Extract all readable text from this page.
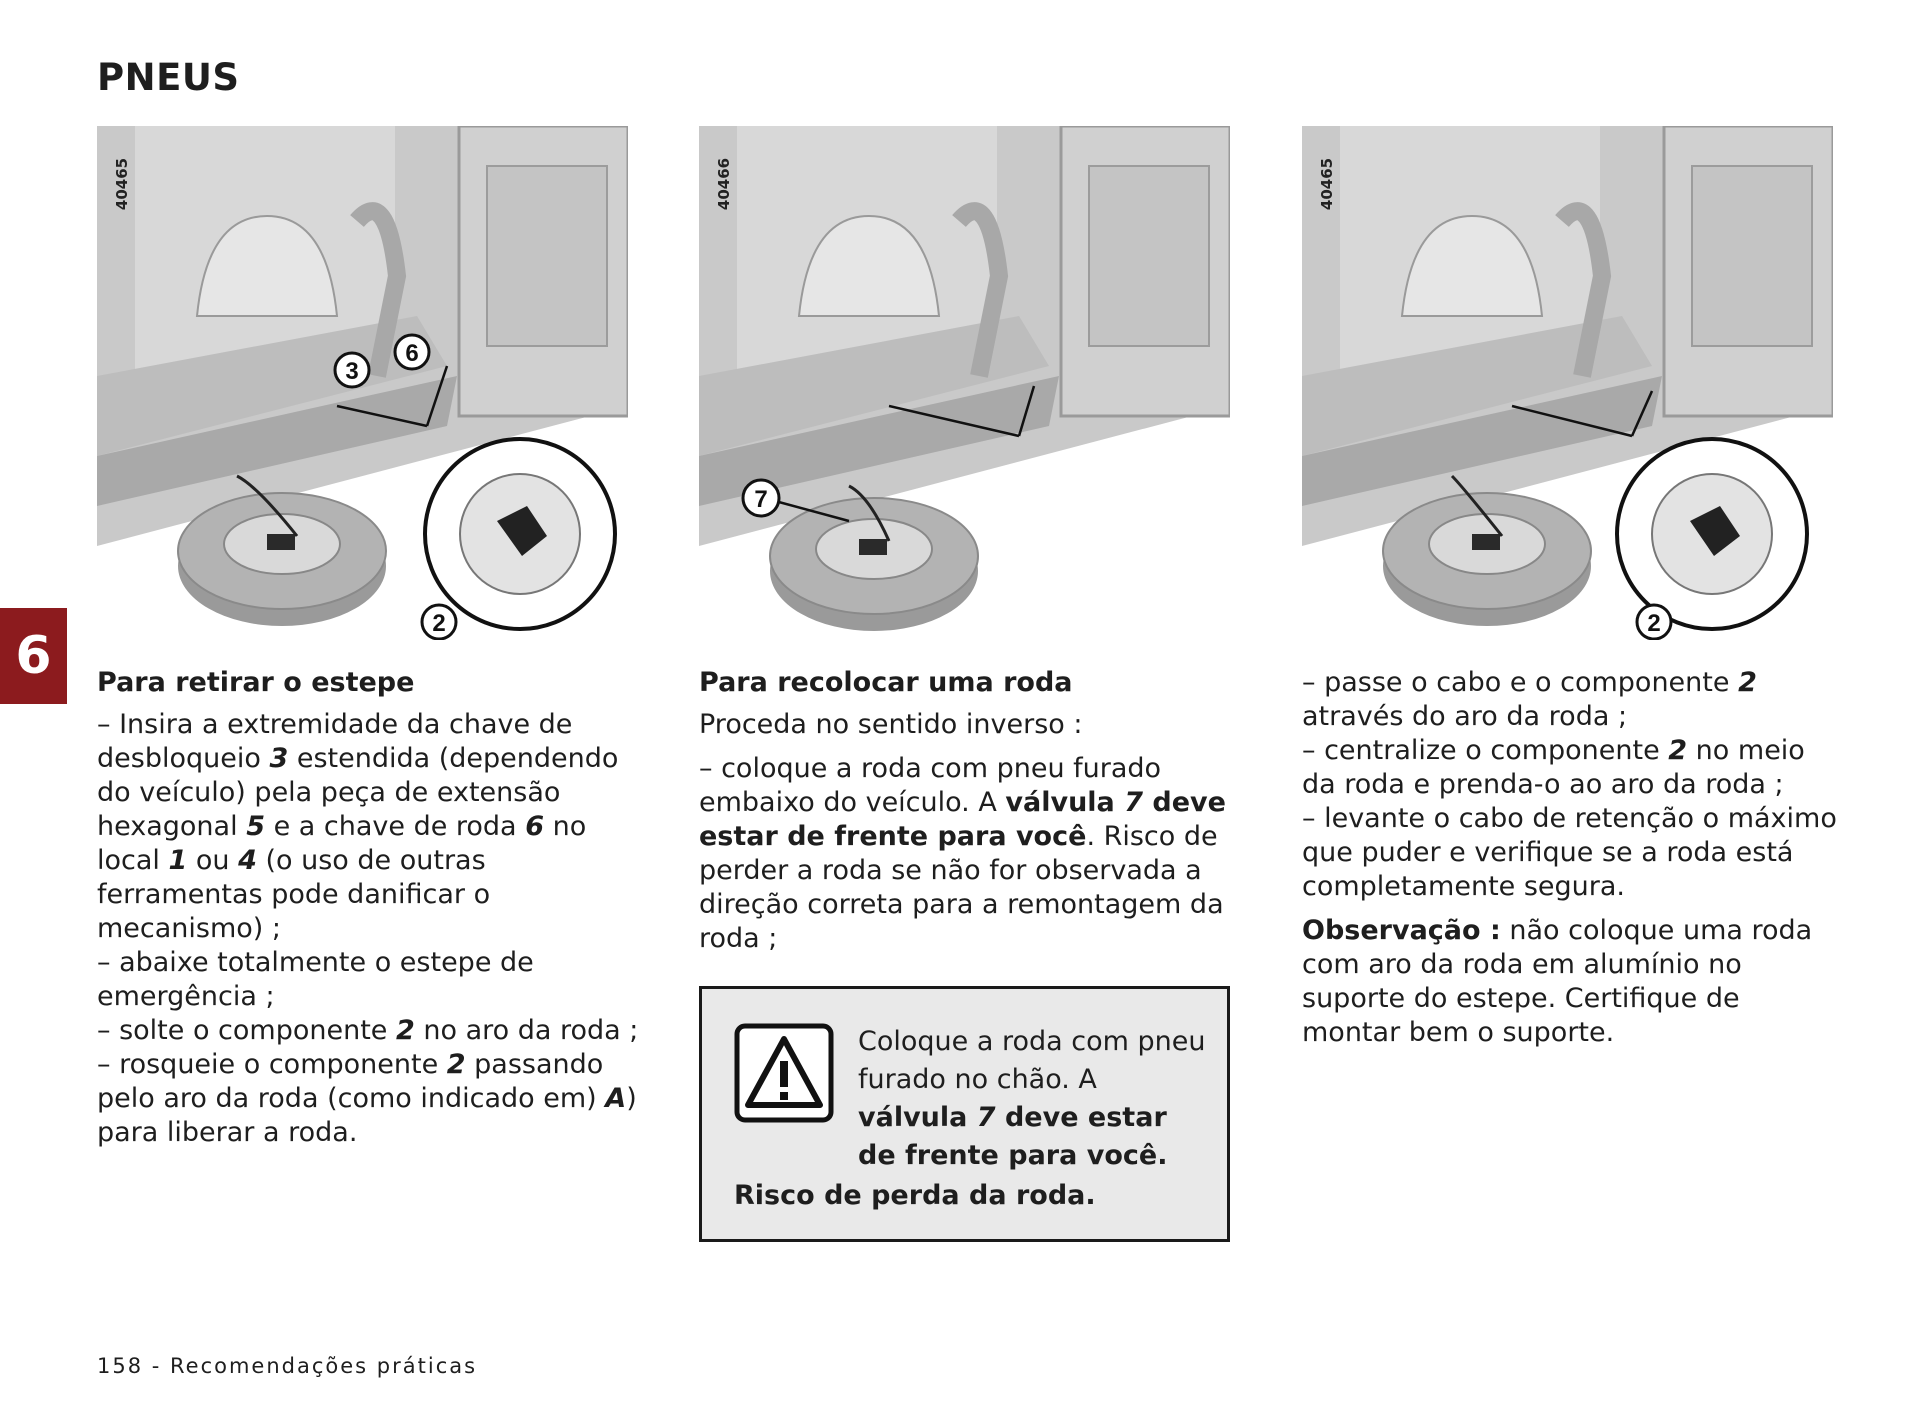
PNEUS
6
3
6
2
40465
7
40466
2
40465
Para retirar o estepe

– Insira a extremidade da chave de desbloqueio 3 estendida (dependendo do veículo) pela peça de extensão hexagonal 5 e a chave de roda 6 no local 1 ou 4 (o uso de outras ferramentas pode danificar o mecanismo) ;

– abaixe totalmente o estepe de emergência ;

– solte o componente 2 no aro da roda ;

– rosqueie o componente 2 passando pelo aro da roda (como indicado em) A) para liberar a roda.

Para recolocar uma roda

Proceda no sentido inverso :

– coloque a roda com pneu furado embaixo do veículo. A válvula 7 deve estar de frente para você. Risco de perder a roda se não for observada a direção correta para a remontagem da roda ;

Coloque a roda com pneu furado no chão. A válvula 7 deve estar de frente para você.

Risco de perda da roda.

– passe o cabo e o componente 2 através do aro da roda ;

– centralize o componente 2 no meio da roda e prenda-o ao aro da roda ;

– levante o cabo de retenção o máximo que puder e verifique se a roda está completamente segura.

Observação : não coloque uma roda com aro da roda em alumínio no suporte do estepe. Certifique de montar bem o suporte.

158 - Recomendações práticas
